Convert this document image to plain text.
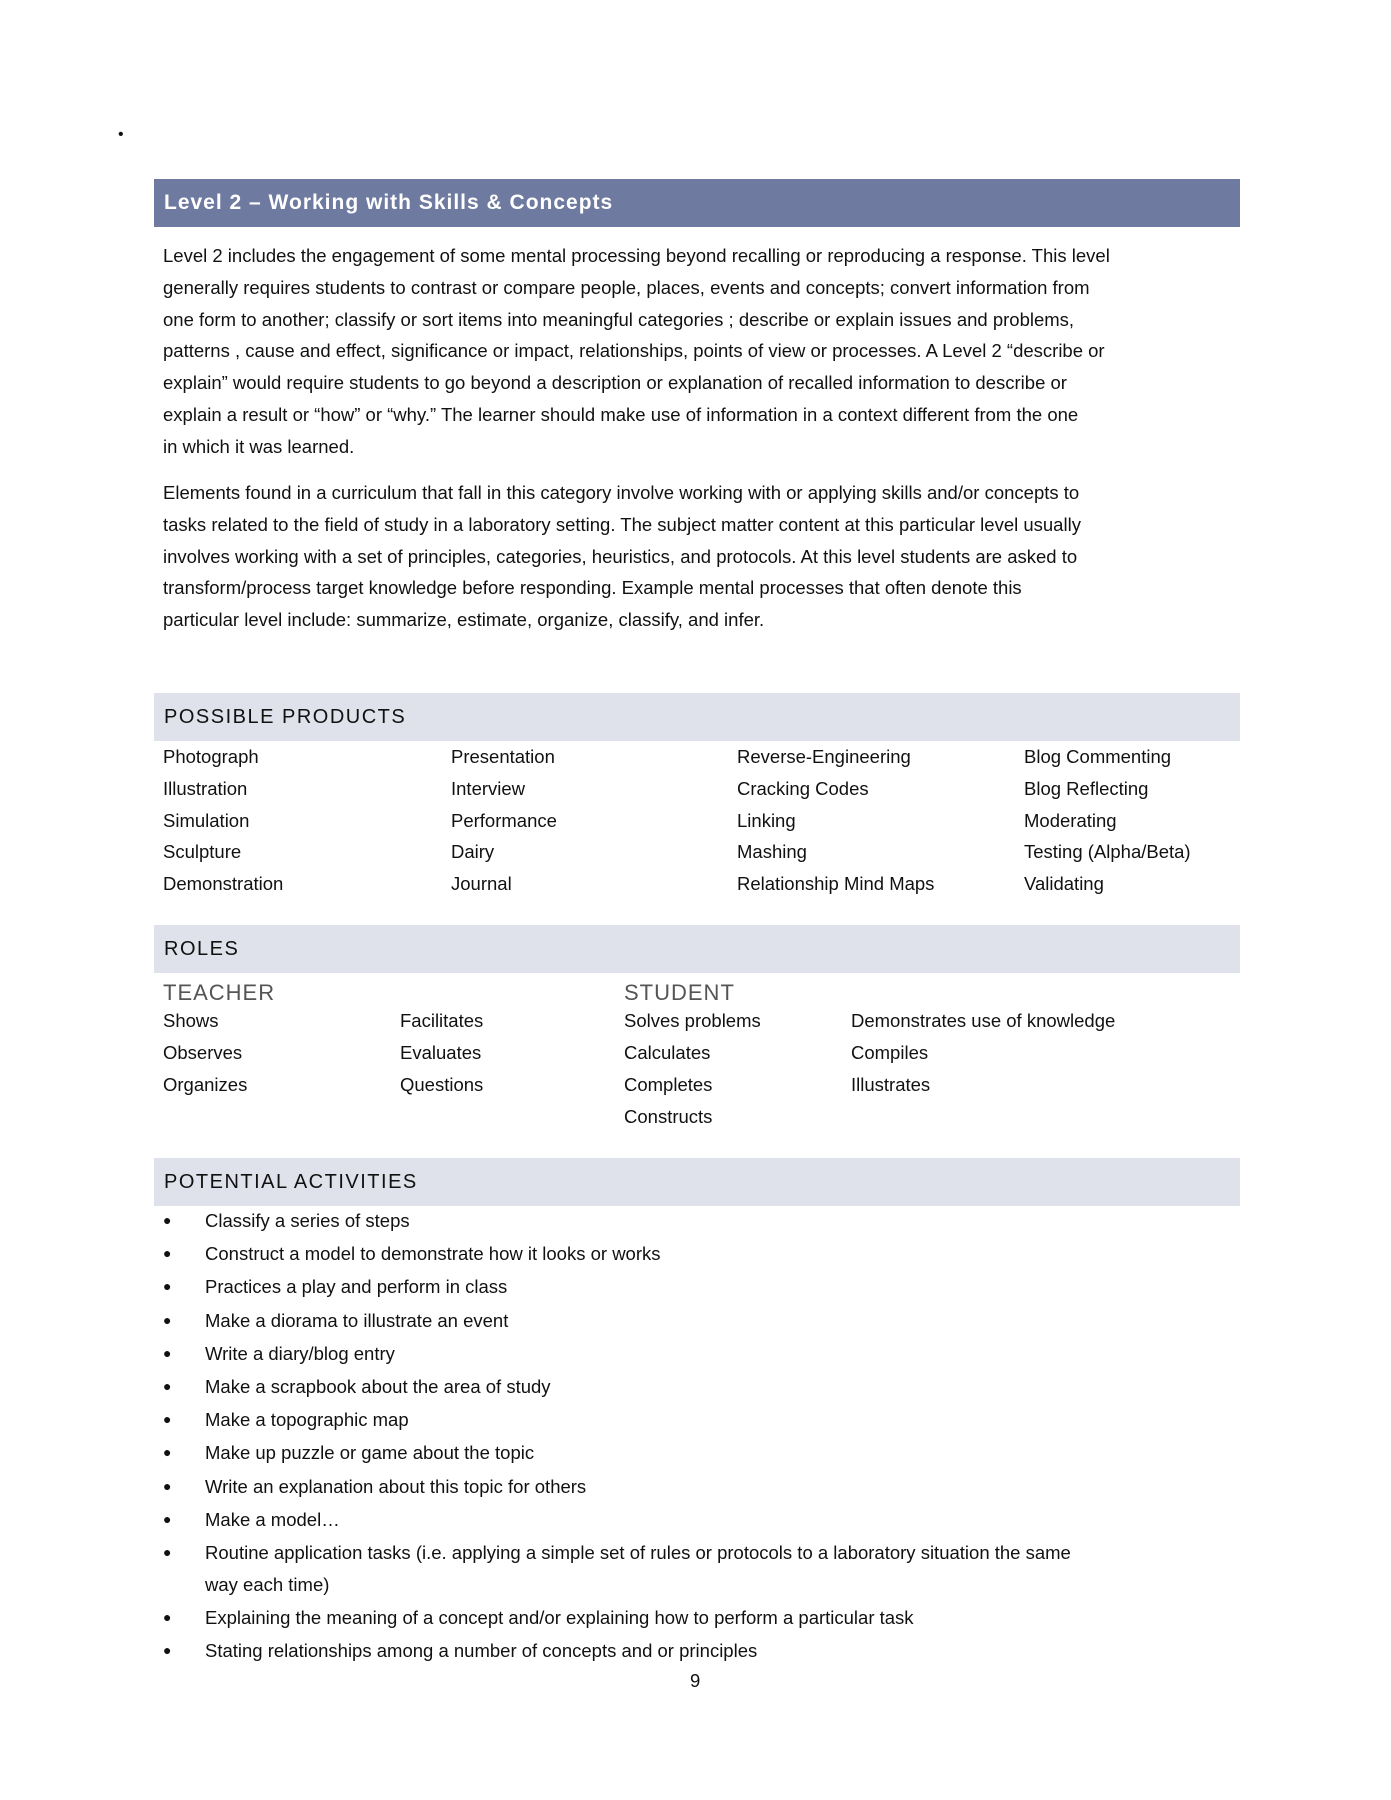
•
Level 2 – Working with Skills & Concepts
Level 2 includes the engagement of some mental processing beyond recalling or reproducing a response. This level
generally requires students to contrast or compare people, places, events and concepts; convert information from
one form to another; classify or sort items into meaningful categories ; describe or explain issues and problems,
patterns , cause and effect, significance or impact, relationships, points of view or processes. A Level 2 “describe or
explain” would require students to go beyond a description or explanation of recalled information to describe or
explain a result or “how” or “why.” The learner should make use of information in a context different from the one
in which it was learned.
Elements found in a curriculum that fall in this category involve working with or applying skills and/or concepts to
tasks related to the field of study in a laboratory setting. The subject matter content at this particular level usually
involves working with a set of principles, categories, heuristics, and protocols. At this level students are asked to
transform/process target knowledge before responding. Example mental processes that often denote this
particular level include: summarize, estimate, organize, classify, and infer.
Photograph
Illustration
Simulation
Sculpture
Demonstration
Presentation
Interview
Performance
Dairy
Journal
Reverse-Engineering
Cracking Codes
Linking
Mashing
Relationship Mind Maps
Blog Commenting
Blog Reflecting
Moderating
Testing (Alpha/Beta)
Validating
Shows
Observes
Organizes
Facilitates
Evaluates
Questions
Solves problems
Calculates
Completes
Constructs
Demonstrates use of knowledge
Compiles
Illustrates
● Classify a series of steps
● Construct a model to demonstrate how it looks or works
● Practices a play and perform in class
● Make a diorama to illustrate an event
● Write a diary/blog entry
● Make a scrapbook about the area of study
● Make a topographic map
● Make up puzzle or game about the topic
● Write an explanation about this topic for others
● Make a model…
● Routine application tasks (i.e. applying a simple set of rules or protocols to a laboratory situation the same
way each time)
● Explaining the meaning of a concept and/or explaining how to perform a particular task
● Stating relationships among a number of concepts and or principles
POSSIBLE PRODUCTS
ROLES
TEACHER	STUDENT
POTENTIAL ACTIVITIES
9
